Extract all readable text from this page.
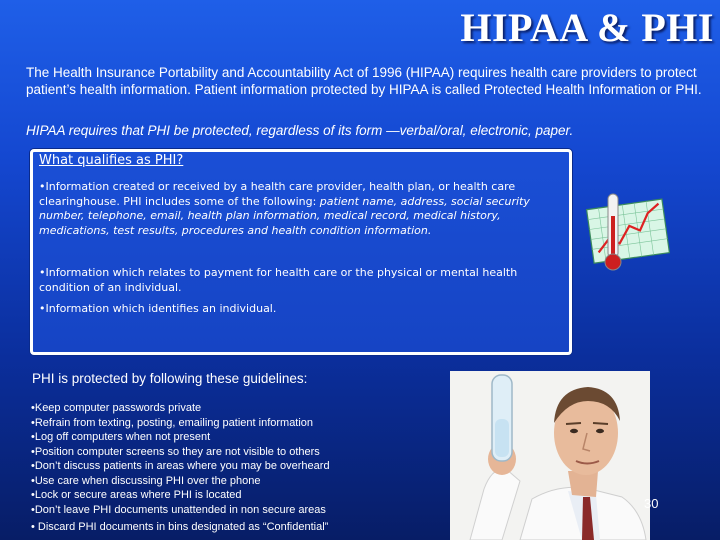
HIPAA & PHI

The Health Insurance Portability and Accountability Act of 1996 (HIPAA) requires health care providers to protect patient’s health information. Patient information protected by HIPAA is called Protected Health Information or PHI.

HIPAA requires that PHI be protected, regardless of its form —verbal/oral, electronic, paper.

What qualifies as PHI?

•Information created or received by a health care provider, health plan, or health care clearinghouse. PHI includes some of the following: patient name, address, social security number, telephone, email, health plan information, medical record, medical history, medications, test results, procedures and health condition information.

•Information which relates to payment for health care or the physical or mental health condition of an individual.

•Information which identifies an individual.

PHI is protected by following these guidelines:

•Keep computer passwords private
•Refrain from texting, posting, emailing patient information
•Log off computers when not present
•Position computer screens so they are not visible to others
•Don’t discuss patients in areas where you may be overheard
•Use care when discussing PHI over the phone
•Lock or secure areas where PHI is located
•Don’t leave PHI documents unattended in non secure areas
• Discard PHI documents in bins designated as “Confidential”
30
